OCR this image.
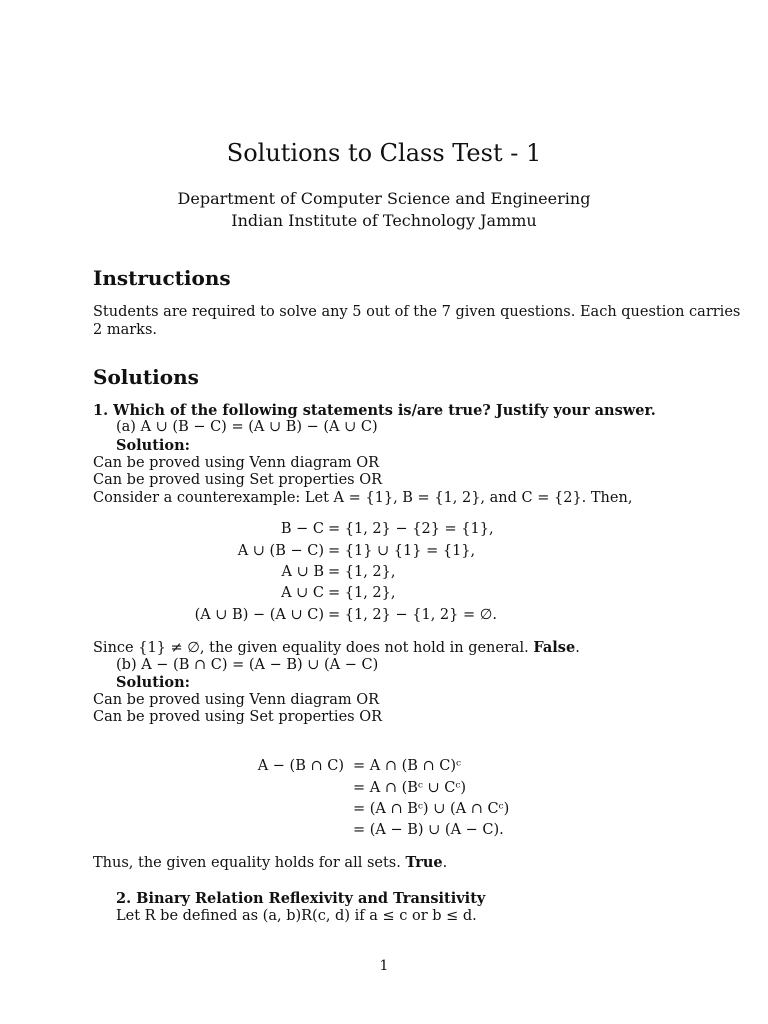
Solutions to Class Test - 1
Department of Computer Science and Engineering
Indian Institute of Technology Jammu
Instructions
Students are required to solve any 5 out of the 7 given questions. Each question carries
2 marks.
Solutions
1. Which of the following statements is/are true? Justify your answer.
(a) A ∪ (B − C) = (A ∪ B) − (A ∪ C)
Solution:
Can be proved using Venn diagram OR
Can be proved using Set properties OR
Consider a counterexample: Let A = {1}, B = {1, 2}, and C = {2}. Then,
B − C = {1, 2} − {2} = {1},
A ∪ (B − C) = {1} ∪ {1} = {1},
A ∪ B = {1, 2},
A ∪ C = {1, 2},
(A ∪ B) − (A ∪ C) = {1, 2} − {1, 2} = ∅.
Since {1} ≠ ∅, the given equality does not hold in general. False.
(b) A − (B ∩ C) = (A − B) ∪ (A − C)
Solution:
Can be proved using Venn diagram OR
Can be proved using Set properties OR
A − (B ∩ C) = A ∩ (B ∩ C)ᶜ
= A ∩ (Bᶜ ∪ Cᶜ)
= (A ∩ Bᶜ) ∪ (A ∩ Cᶜ)
= (A − B) ∪ (A − C).
Thus, the given equality holds for all sets. True.
2. Binary Relation Reflexivity and Transitivity
Let R be defined as (a, b)R(c, d) if a ≤ c or b ≤ d.
1
